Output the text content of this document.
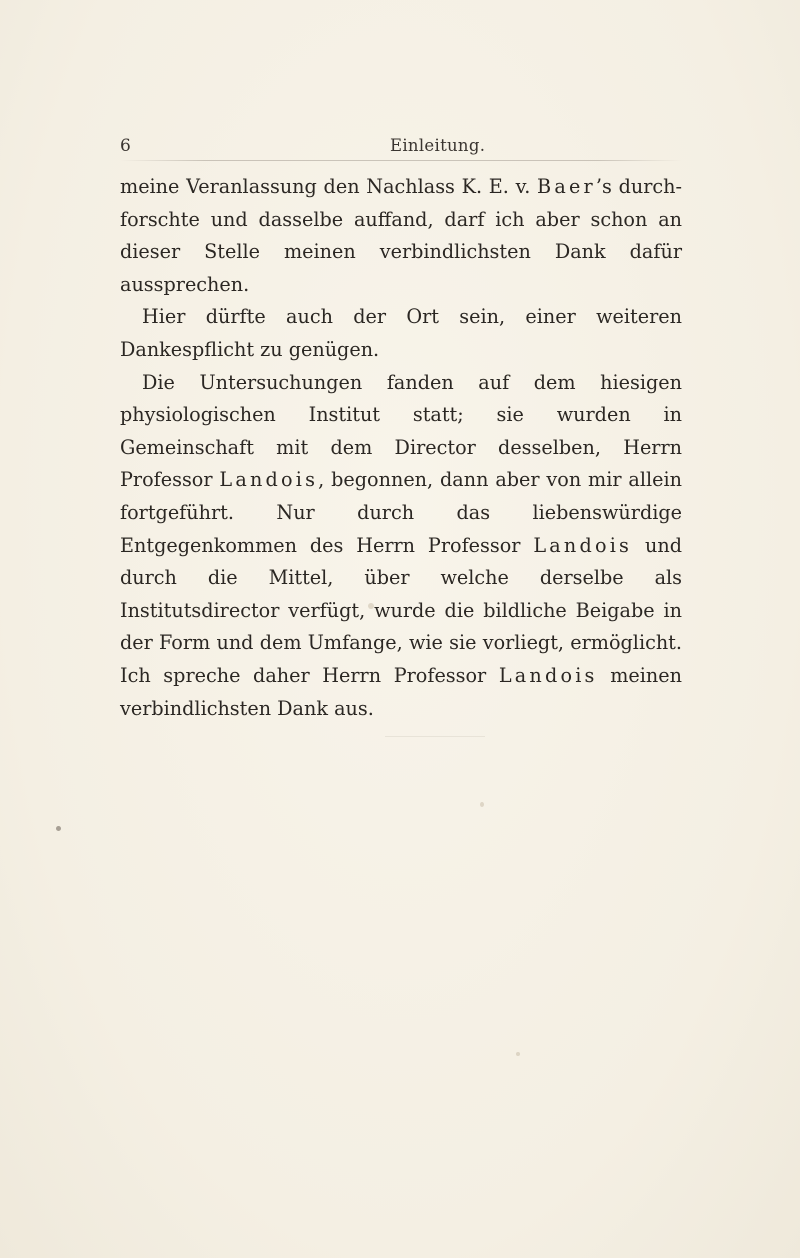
6	Einleitung.

meine Veranlassung den Nachlass K. E. v. Baer’s durchforschte und dasselbe auffand, darf ich aber schon an dieser Stelle meinen verbindlichsten Dank dafür aussprechen.

Hier dürfte auch der Ort sein, einer weiteren Dankespflicht zu genügen.

Die Untersuchungen fanden auf dem hiesigen physiologischen Institut statt; sie wurden in Gemeinschaft mit dem Director desselben, Herrn Professor Landois, begonnen, dann aber von mir allein fortgeführt. Nur durch das liebenswürdige Entgegenkommen des Herrn Professor Landois und durch die Mittel, über welche derselbe als Institutsdirector verfügt, wurde die bildliche Beigabe in der Form und dem Umfange, wie sie vorliegt, ermöglicht. Ich spreche daher Herrn Professor Landois meinen verbindlichsten Dank aus.
